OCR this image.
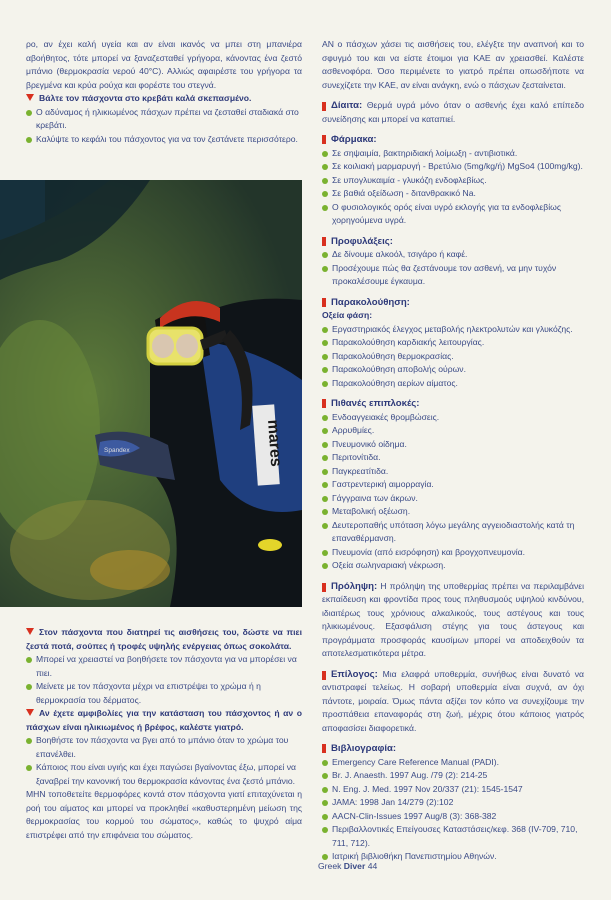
ρο, αν έχει καλή υγεία και αν είναι ικανός να μπει στη μπανιέρα αβοήθητος, τότε μπορεί να ξαναζεσταθεί γρήγορα, κάνοντας ένα ζεστό μπάνιο (θερμοκρασία νερού 40°C). Αλλιώς αφαιρέστε του γρήγορα τα βρεγμένα και κρύα ρούχα και φορέστε του στεγνά.

Βάλτε τον πάσχοντα στο κρεβάτι καλά σκεπασμένο.

Ο αδύναμος ή ηλικιωμένος πάσχων πρέπει να ζεσταθεί σταδιακά στο κρεβάτι.
Καλύψτε το κεφάλι του πάσχοντος για να τον ζεστάνετε περισσότερο.
mares
Spandex

Στον πάσχοντα που διατηρεί τις αισθήσεις του, δώστε να πιει ζεστά ποτά, σούπες ή τροφές υψηλής ενέργειας όπως σοκολάτα.

Μπορεί να χρειαστεί να βοηθήσετε τον πάσχοντα για να μπορέσει να πιει.
Μείνετε με τον πάσχοντα μέχρι να επιστρέψει το χρώμα ή η θερμοκρασία του δέρματος.

Αν έχετε αμφιβολίες για την κατάσταση του πάσχοντος ή αν ο πάσχων είναι ηλικιωμένος ή βρέφος, καλέστε γιατρό.

Βοηθήστε τον πάσχοντα να βγει από το μπάνιο όταν το χρώμα του επανέλθει.
Κάποιος που είναι υγιής και έχει παγώσει βγαίνοντας έξω, μπορεί να ξαναβρεί την κανονική του θερμοκρασία κάνοντας ένα ζεστό μπάνιο.

ΜΗΝ τοποθετείτε θερμοφόρες κοντά στον πάσχοντα γιατί επιταχύνεται η ροή του αίματος και μπορεί να προκληθεί «καθυστερημένη μείωση της θερμοκρασίας του κορμού του σώματος», καθώς το ψυχρό αίμα επιστρέφει από την επιφάνεια του σώματος.

ΑΝ ο πάσχων χάσει τις αισθήσεις του, ελέγξτε την αναπνοή και το σφυγμό του και να είστε έτοιμοι για ΚΑΕ αν χρειασθεί. Καλέστε ασθενοφόρα. Όσο περιμένετε το γιατρό πρέπει οπωσδήποτε να συνεχίζετε την ΚΑΕ, αν είναι ανάγκη, ενώ ο πάσχων ζεσταίνεται.

Δίαιτα: Θερμά υγρά μόνο όταν ο ασθενής έχει καλό επίπεδο συνείδησης και μπορεί να καταπιεί.

Φάρμακα:
Σε σηψαιμία, βακτηριδιακή λοίμωξη - αντιβιοτικά.
Σε κοιλιακή μαρμαρυγή - Βρετύλιο (5mg/kg/ή) MgSo4 (100mg/kg).
Σε υπογλυκαιμία - γλυκόζη ενδοφλεβίως.
Σε βαθιά οξείδωση - διτανθρακικό Na.
Ο φυσιολογικός ορός είναι υγρό εκλογής για τα ενδοφλεβίως χορηγούμενα υγρά.
Προφυλάξεις:
Δε δίνουμε αλκοόλ, τσιγάρο ή καφέ.
Προσέχουμε πώς θα ζεστάνουμε τον ασθενή, να μην τυχόν προκαλέσουμε έγκαυμα.
Παρακολούθηση:
Οξεία φάση:
Εργαστηριακός έλεγχος μεταβολής ηλεκτρολυτών και γλυκόζης.
Παρακολούθηση καρδιακής λειτουργίας.
Παρακολούθηση θερμοκρασίας.
Παρακολούθηση αποβολής ούρων.
Παρακολούθηση αερίων αίματος.
Πιθανές επιπλοκές:
Ενδοαγγειακές θρομβώσεις.
Αρρυθμίες.
Πνευμονικό οίδημα.
Περιτονίτιδα.
Παγκρεατίτιδα.
Γαστρεντερική αιμορραγία.
Γάγγραινα των άκρων.
Μεταβολική οξέωση.
Δευτεροπαθής υπόταση λόγω μεγάλης αγγειοδιαστολής κατά τη επαναθέρμανση.
Πνευμονία (από εισρόφηση) και βρογχοπνευμονία.
Οξεία σωληναριακή νέκρωση.

Πρόληψη: Η πρόληψη της υποθερμίας πρέπει να περιλαμβάνει εκπαίδευση και φροντίδα προς τους πληθυσμούς υψηλού κινδύνου, ιδιαιτέρως τους χρόνιους αλκαλικούς, τους αστέγους και τους ηλικιωμένους. Εξασφάλιση στέγης για τους άστεγους και προγράμματα προσφοράς καυσίμων μπορεί να αποδειχθούν τα αποτελεσματικότερα μέτρα.

Επίλογος: Μια ελαφρά υποθερμία, συνήθως είναι δυνατό να αντιστραφεί τελείως. Η σοβαρή υποθερμία είναι συχνά, αν όχι πάντοτε, μοιραία. Όμως πάντα αξίζει τον κόπο να συνεχίζουμε την προσπάθεια επαναφοράς στη ζωή, μέχρις ότου κάποιος γιατρός αποφασίσει διαφορετικά.

Βιβλιογραφία:
Emergency Care Reference Manual (PADI).
Br. J. Anaesth. 1997 Aug. /79 (2): 214-25
N. Eng. J. Med. 1997 Nov 20/337 (21): 1545-1547
JAMA: 1998 Jan 14/279 (2):102
AACN-Clin-Issues 1997 Aug/8 (3): 368-382
Περιβαλλοντικές Επείγουσες Καταστάσεις/κεφ. 368 (IV-709, 710, 711, 712).
Ιατρική βιβλιοθήκη Πανεπιστημίου Αθηνών.
Greek Diver 44
